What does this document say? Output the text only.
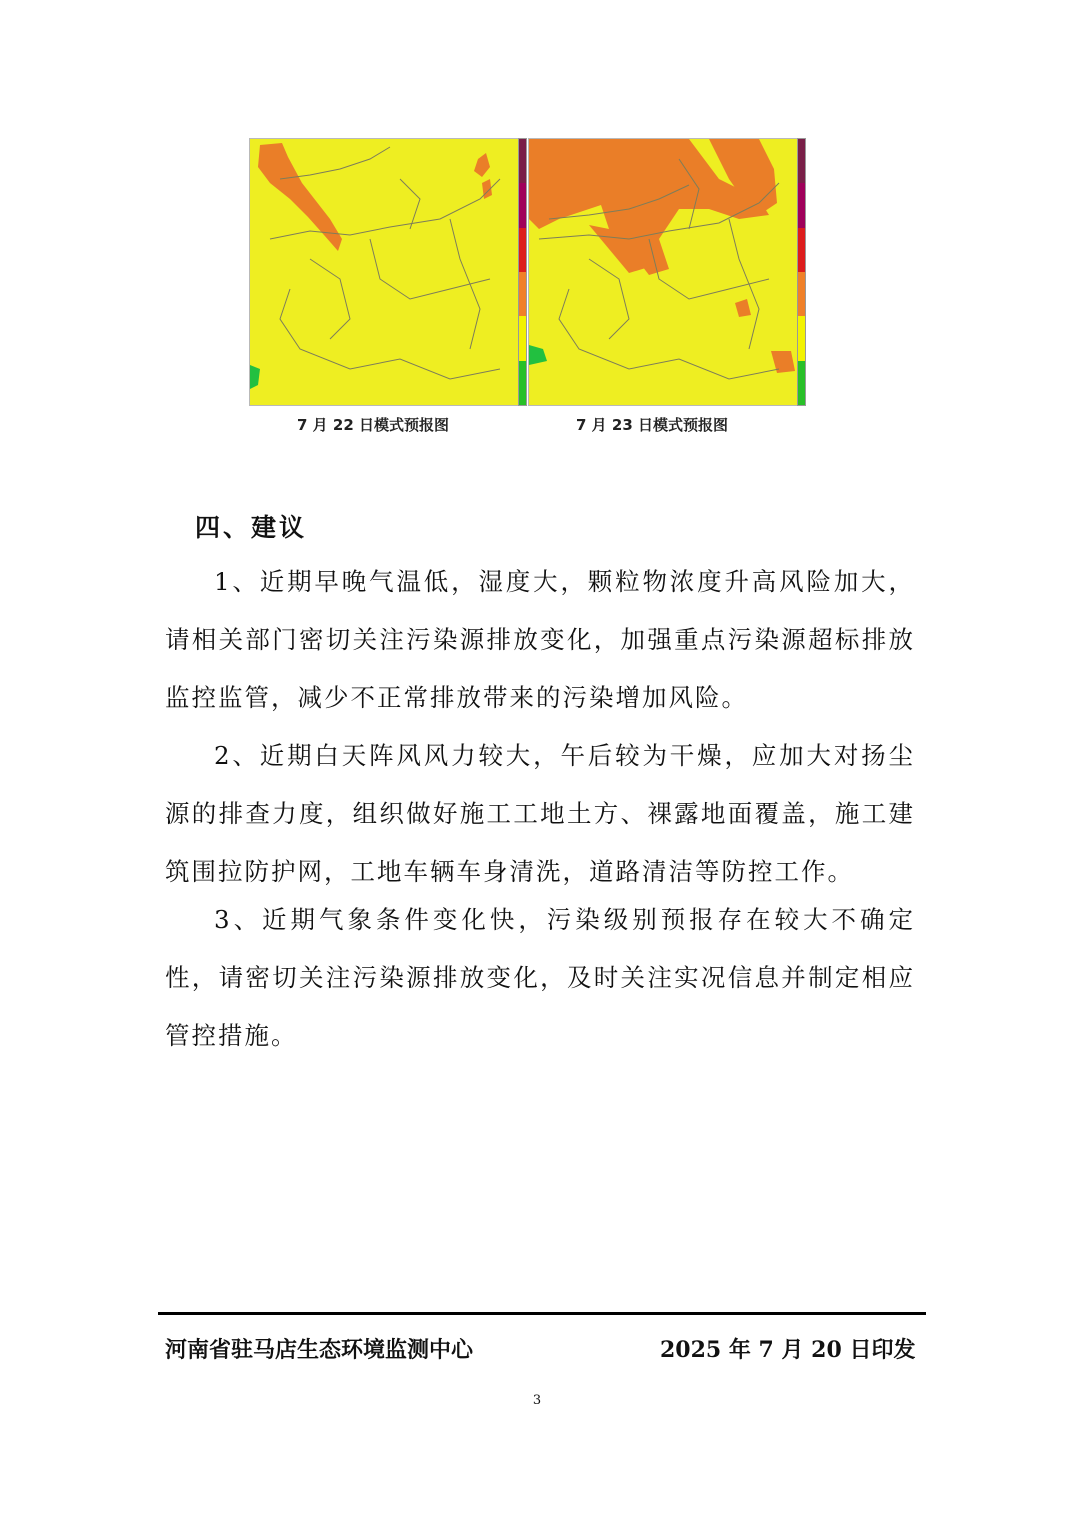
7 月 22 日模式预报图	7 月 23 日模式预报图
四、建议
1、近期早晚气温低，湿度大，颗粒物浓度升高风险加大，请相关部门密切关注污染源排放变化，加强重点污染源超标排放监控监管，减少不正常排放带来的污染增加风险。
2、近期白天阵风风力较大，午后较为干燥，应加大对扬尘源的排查力度，组织做好施工工地土方、裸露地面覆盖，施工建筑围拉防护网，工地车辆车身清洗，道路清洁等防控工作。
3、近期气象条件变化快，污染级别预报存在较大不确定性，请密切关注污染源排放变化，及时关注实况信息并制定相应管控措施。
河南省驻马店生态环境监测中心	2025 年 7 月 20 日印发
3
